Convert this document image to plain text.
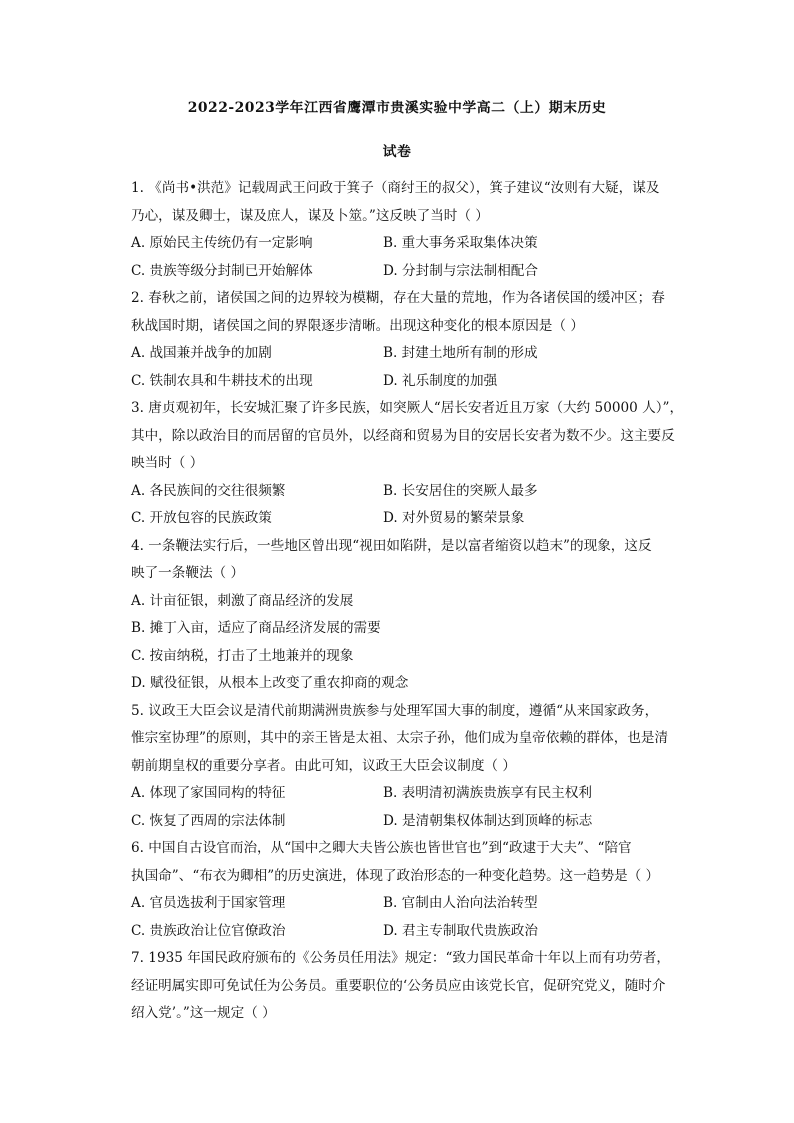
2022-2023学年江西省鹰潭市贵溪实验中学高二（上）期末历史
试卷
1. 《尚书•洪范》记载周武王问政于箕子（商纣王的叔父），箕子建议“汝则有大疑，谋及
乃心，谋及卿士，谋及庶人，谋及卜筮。”这反映了当时（ ）
A. 原始民主传统仍有一定影响	B. 重大事务采取集体决策
C. 贵族等级分封制已开始解体	D. 分封制与宗法制相配合
2. 春秋之前，诸侯国之间的边界较为模糊，存在大量的荒地，作为各诸侯国的缓冲区；春
秋战国时期，诸侯国之间的界限逐步清晰。出现这种变化的根本原因是（ ）
A. 战国兼并战争的加剧	B. 封建土地所有制的形成
C. 铁制农具和牛耕技术的出现	D. 礼乐制度的加强
3. 唐贞观初年，长安城汇聚了许多民族，如突厥人“居长安者近且万家（大约 50000 人）”，
其中，除以政治目的而居留的官员外，以经商和贸易为目的安居长安者为数不少。这主要反
映当时（ ）
A. 各民族间的交往很频繁	B. 长安居住的突厥人最多
C. 开放包容的民族政策	D. 对外贸易的繁荣景象
4. 一条鞭法实行后，一些地区曾出现“视田如陷阱，是以富者缩资以趋末”的现象，这反
映了一条鞭法（ ）
A. 计亩征银，刺激了商品经济的发展
B. 摊丁入亩，适应了商品经济发展的需要
C. 按亩纳税，打击了土地兼并的现象
D. 赋役征银，从根本上改变了重农抑商的观念
5. 议政王大臣会议是清代前期满洲贵族参与处理军国大事的制度，遵循“从来国家政务，
惟宗室协理”的原则，其中的亲王皆是太祖、太宗子孙，他们成为皇帝依赖的群体，也是清
朝前期皇权的重要分享者。由此可知，议政王大臣会议制度（ ）
A. 体现了家国同构的特征	B. 表明清初满族贵族享有民主权利
C. 恢复了西周的宗法体制	D. 是清朝集权体制达到顶峰的标志
6. 中国自古设官而治，从“国中之卿大夫皆公族也皆世官也”到“政逮于大夫”、“陪官
执国命”、“布衣为卿相”的历史演进，体现了政治形态的一种变化趋势。这一趋势是（ ）
A. 官员选拔利于国家管理	B. 官制由人治向法治转型
C. 贵族政治让位官僚政治	D. 君主专制取代贵族政治
7. 1935 年国民政府颁布的《公务员任用法》规定：“致力国民革命十年以上而有功劳者，
经证明属实即可免试任为公务员。重要职位的‘公务员应由该党长官，促研究党义，随时介
绍入党’。”这一规定（ ）
